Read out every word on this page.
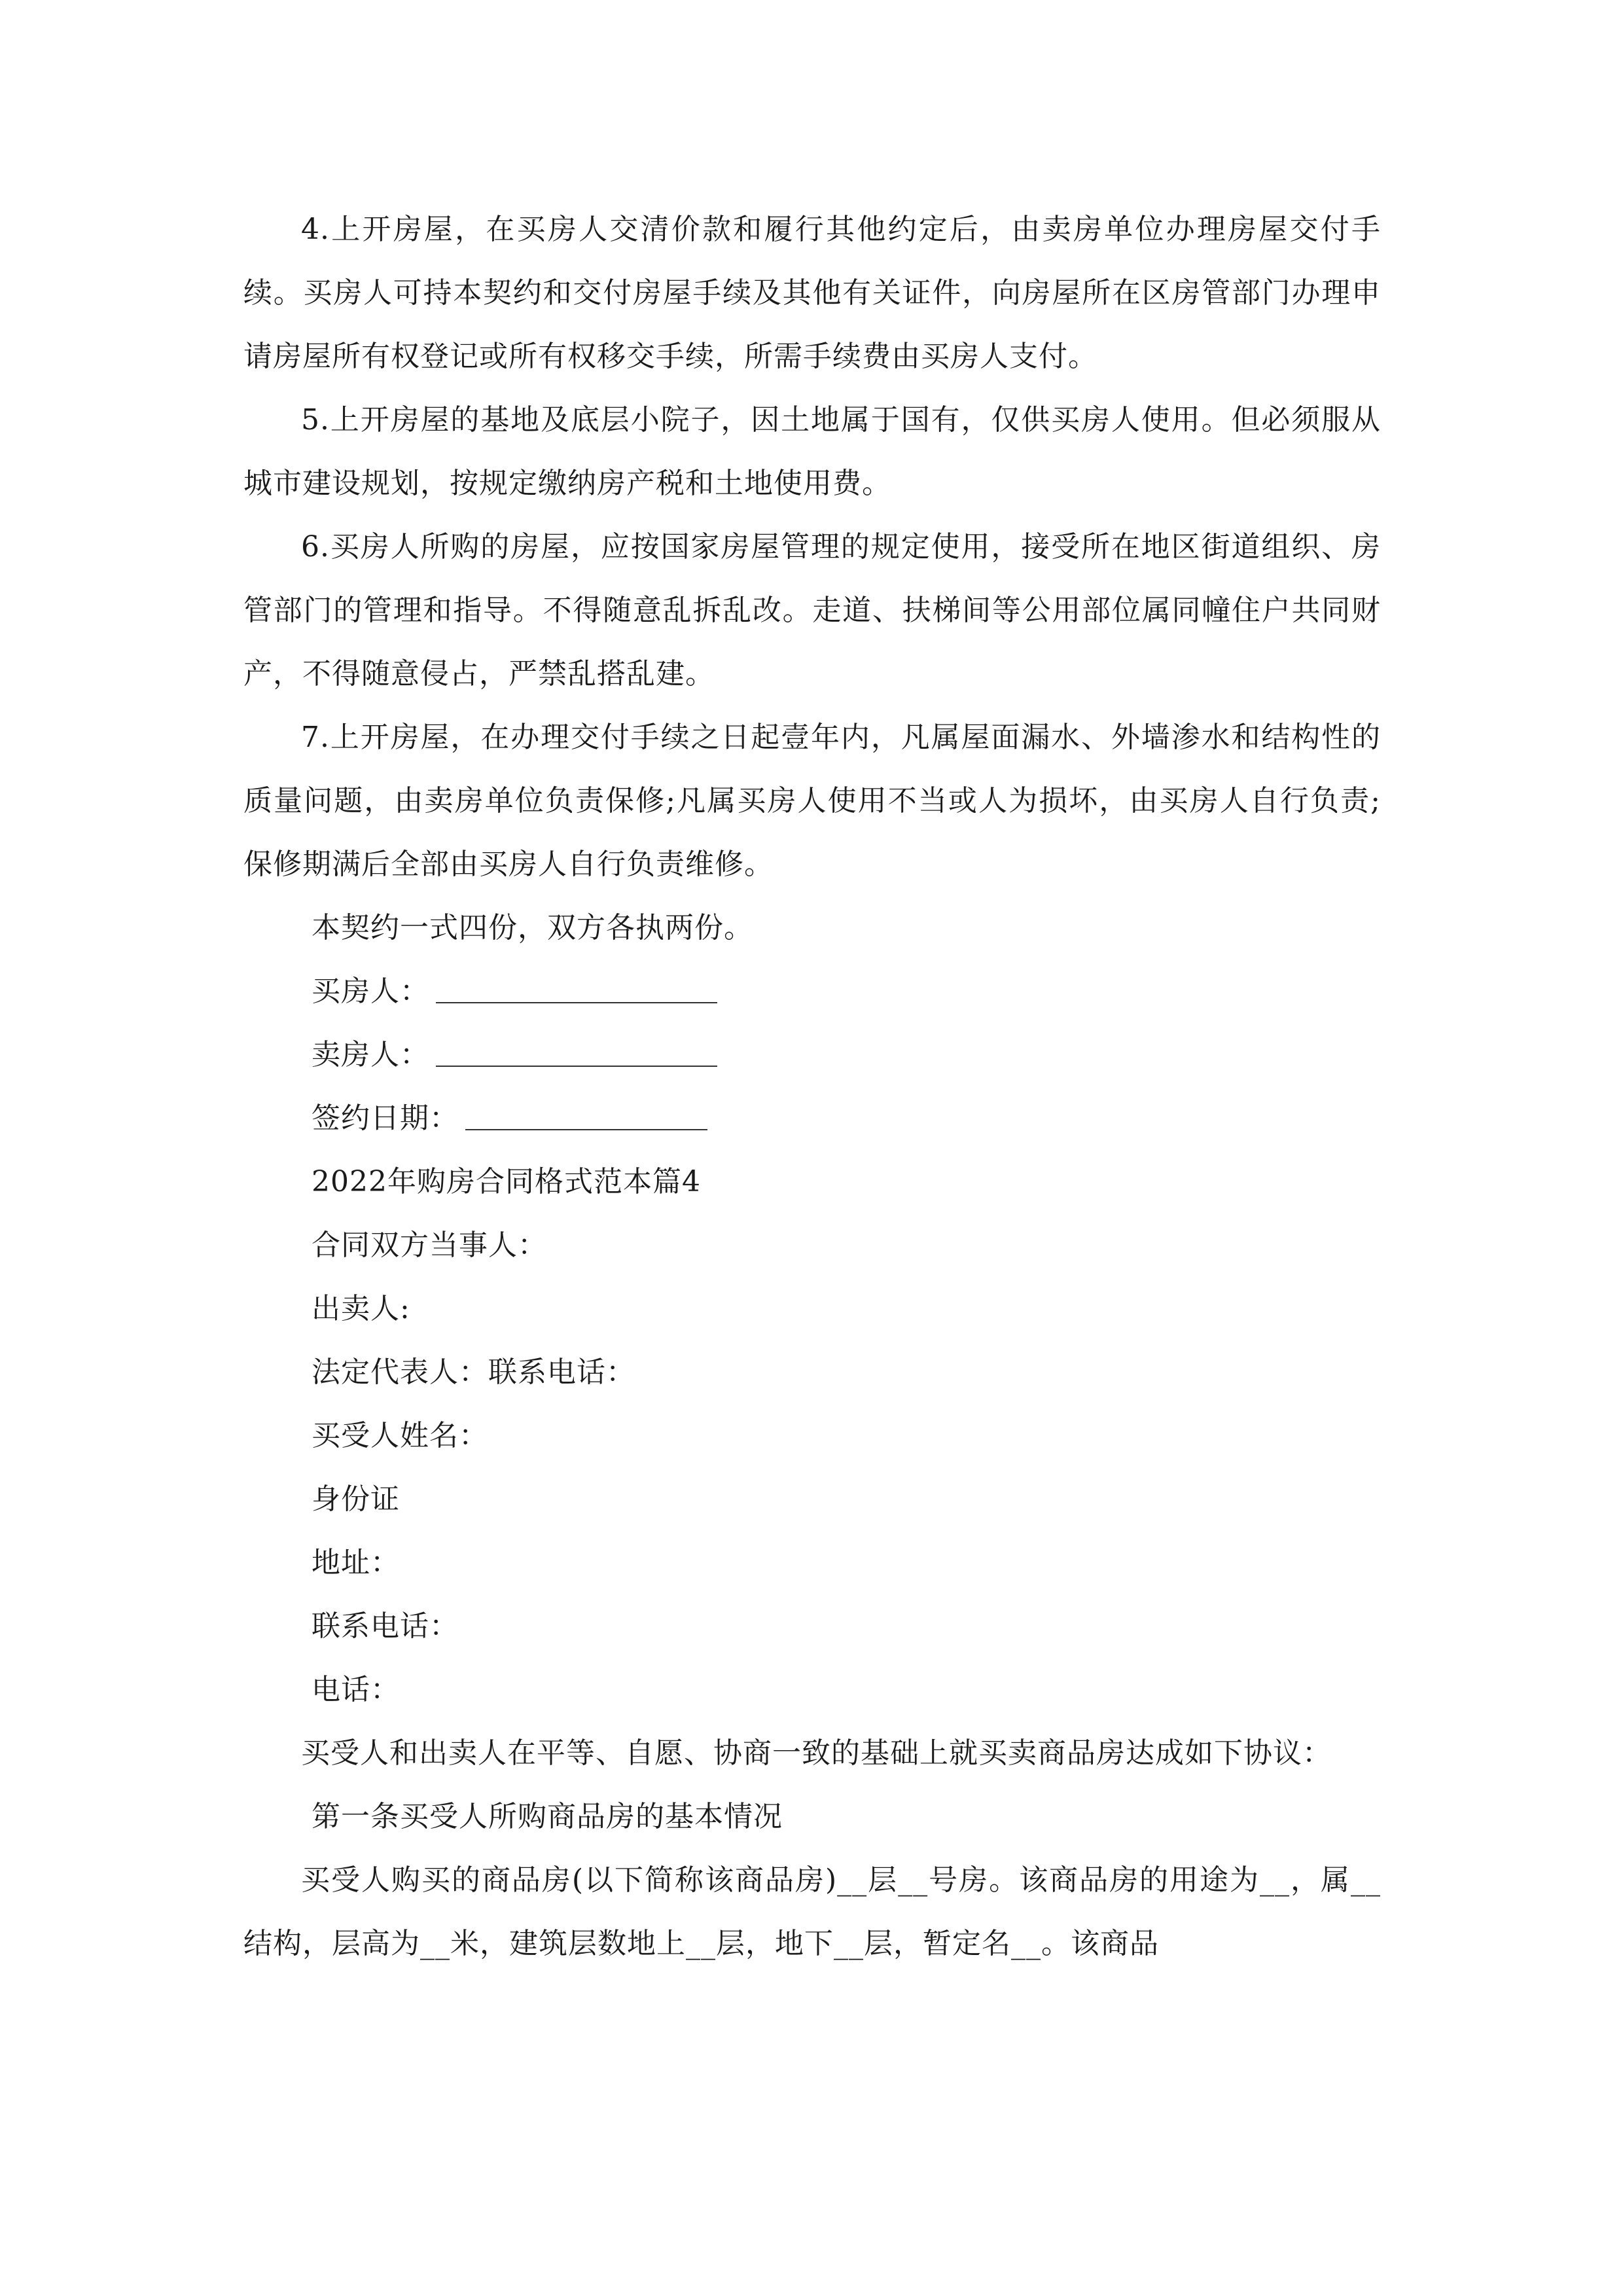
4.上开房屋，在买房人交清价款和履行其他约定后，由卖房单位办理房屋交付手续。买房人可持本契约和交付房屋手续及其他有关证件，向房屋所在区房管部门办理申请房屋所有权登记或所有权移交手续，所需手续费由买房人支付。

5.上开房屋的基地及底层小院子，因土地属于国有，仅供买房人使用。但必须服从城市建设规划，按规定缴纳房产税和土地使用费。

6.买房人所购的房屋，应按国家房屋管理的规定使用，接受所在地区街道组织、房管部门的管理和指导。不得随意乱拆乱改。走道、扶梯间等公用部位属同幢住户共同财产，不得随意侵占，严禁乱搭乱建。

7.上开房屋，在办理交付手续之日起壹年内，凡属屋面漏水、外墙渗水和结构性的质量问题，由卖房单位负责保修;凡属买房人使用不当或人为损坏，由买房人自行负责;保修期满后全部由买房人自行负责维修。

本契约一式四份，双方各执两份。

买房人：

卖房人：

签约日期：

2022年购房合同格式范本篇4

合同双方当事人：

出卖人:

法定代表人：联系电话：

买受人姓名：

身份证

地址：

联系电话：

电话：

买受人和出卖人在平等、自愿、协商一致的基础上就买卖商品房达成如下协议：

第一条买受人所购商品房的基本情况

买受人购买的商品房(以下简称该商品房)__层__号房。该商品房的用途为__，属__结构，层高为__米，建筑层数地上__层，地下__层，暂定名__。该商品
